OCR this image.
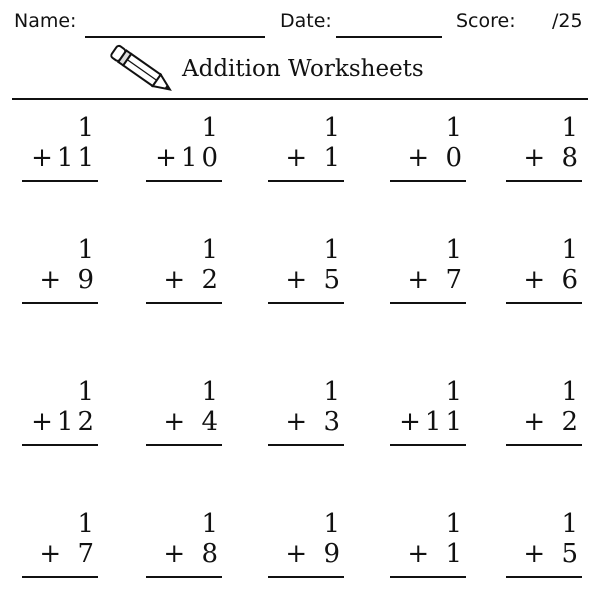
Name:	Date:	Score: /25
Addition Worksheets
1
+11
1
+10
1
+ 1
1
+ 0
1
+ 8
1
+ 9
1
+ 2
1
+ 5
1
+ 7
1
+ 6
1
+12
1
+ 4
1
+ 3
1
+11
1
+ 2
1
+ 7
1
+ 8
1
+ 9
1
+ 1
1
+ 5
